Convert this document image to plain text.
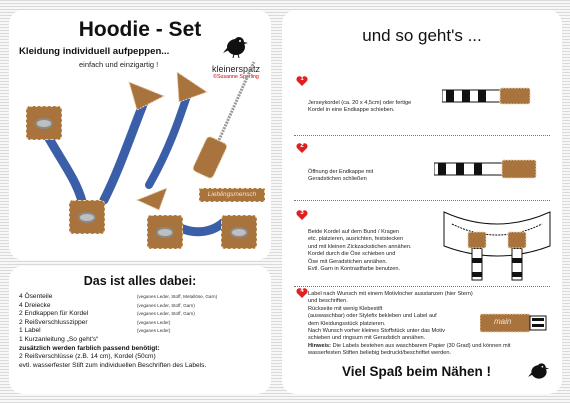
Hoodie - Set
Kleidung individuell aufpeppen...
einfach und einzigartig !	kleinerspatz
©Susanne Sperling
Lieblingsmensch
Das ist alles dabei:
4 Ösenteile	(veganes Leder, Stoff, Metallöse, Garn)
4 Dreiecke	(veganes Leder, Stoff, Garn)
2 Endkappen für Kordel	(veganes Leder, Stoff, Garn)
2 Reißverschlusszipper	(veganes Leder)
1 Label	(veganes Leder)
1 Kurzanleitung „So geht's“
zusätzlich werden farblich passend benötigt:
2 Reißverschlüsse (z.B. 14 cm), Kordel (50cm)
evtl. wasserfester Stift zum individuellen Beschriften des Labels.
und so geht's ...
1
Jerseykordel (ca. 20 x 4,5cm) oder fertige
Kordel in eine Endkappe schieben.
2
Öffnung der Endkappe mit
Geradstichen schließen
3
Beide Kordel auf dem Bund / Kragen
etc. platzieren, ausrichten, feststecken
und mit kleinen Zickzackstichen annähen.
Kordel durch die Öse schieben und
Öse mit Geradstichen annähen.
Evtl. Garn in Kontrastfarbe benutzen.
4 Label nach Wunsch mit einem Motivlocher ausstanzen (hier Stern)
und beschriften.
Rückseite mit wenig Klebestift
(auswaschbar) oder Stylefix bekleben und Label auf
dem Kleidungsstück platzieren.
Nach Wunsch vorher kleines Stoffstück unter das Motiv
schieben und ringsum mit Geradstich annähen.
Hinweis: Die Labels bestehen aus waschbarem Papier (30 Grad) und können mit
wasserfesten Stiften beliebig bedruckt/beschriftet werden.
main
Viel Spaß beim Nähen !
